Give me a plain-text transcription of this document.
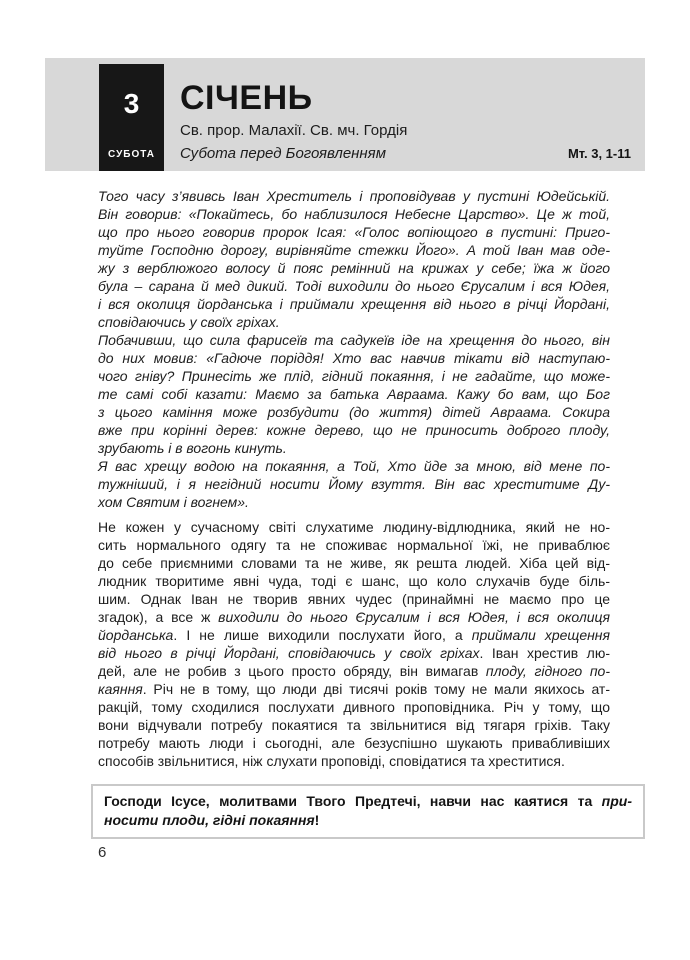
3
СУБОТА
СІЧЕНЬ
Св. прор. Малахії. Св. мч. Гордія
Субота перед Богоявленням	Мт. 3, 1-11
Того часу з’явивсь Іван Хреститель і проповідував у пустині Юдейській.
Він говорив: «Покайтесь, бо наблизилося Небесне Царство». Це ж той,
що про нього говорив пророк Ісая: «Голос вопіющого в пустині: Приго-
туйте Господню дорогу, вирівняйте стежки Його». А той Іван мав оде-
жу з верблюжого волосу й пояс ремінний на крижах у себе; їжа ж його
була – сарана й мед дикий. Тоді виходили до нього Єрусалим і вся Юдея,
і вся околиця йорданська і приймали хрещення від нього в річці Йордані,
сповідаючись у своїх гріхах.
Побачивши, що сила фарисеїв та садукеїв іде на хрещення до нього, він
до них мовив: «Гадюче поріддя! Хто вас навчив тікати від наступаю-
чого гніву? Принесіть же плід, гідний покаяння, і не гадайте, що може-
те самі собі казати: Маємо за батька Авраама. Кажу бо вам, що Бог
з цього каміння може розбудити (до життя) дітей Авраама. Сокира
вже при корінні дерев: кожне дерево, що не приносить доброго плоду,
зрубають і в вогонь кинуть.
Я вас хрещу водою на покаяння, а Той, Хто йде за мною, від мене по-
тужніший, і я негідний носити Йому взуття. Він вас хреститиме Ду-
хом Святим і вогнем».
Не кожен у сучасному світі слухатиме людину-відлюдника, який не но-
сить нормального одягу та не споживає нормальної їжі, не приваблює
до себе приємними словами та не живе, як решта людей. Хіба цей від-
людник творитиме явні чуда, тоді є шанс, що коло слухачів буде біль-
шим. Однак Іван не творив явних чудес (принаймні не маємо про це
згадок), а все ж виходили до нього Єрусалим і вся Юдея, і вся околиця
йорданська. І не лише виходили послухати його, а приймали хрещення
від нього в річці Йордані, сповідаючись у своїх гріхах. Іван хрестив лю-
дей, але не робив з цього просто обряду, він вимагав плоду, гідного по-
каяння. Річ не в тому, що люди дві тисячі років тому не мали якихось ат-
ракцій, тому сходилися послухати дивного проповідника. Річ у тому, що
вони відчували потребу покаятися та звільнитися від тягаря гріхів. Таку
потребу мають люди і сьогодні, але безуспішно шукають привабливіших
способів звільнитися, ніж слухати проповіді, сповідатися та хреститися.
Господи Ісусе, молитвами Твого Предтечі, навчи нас каятися та при-
носити плоди, гідні покаяння!
6
